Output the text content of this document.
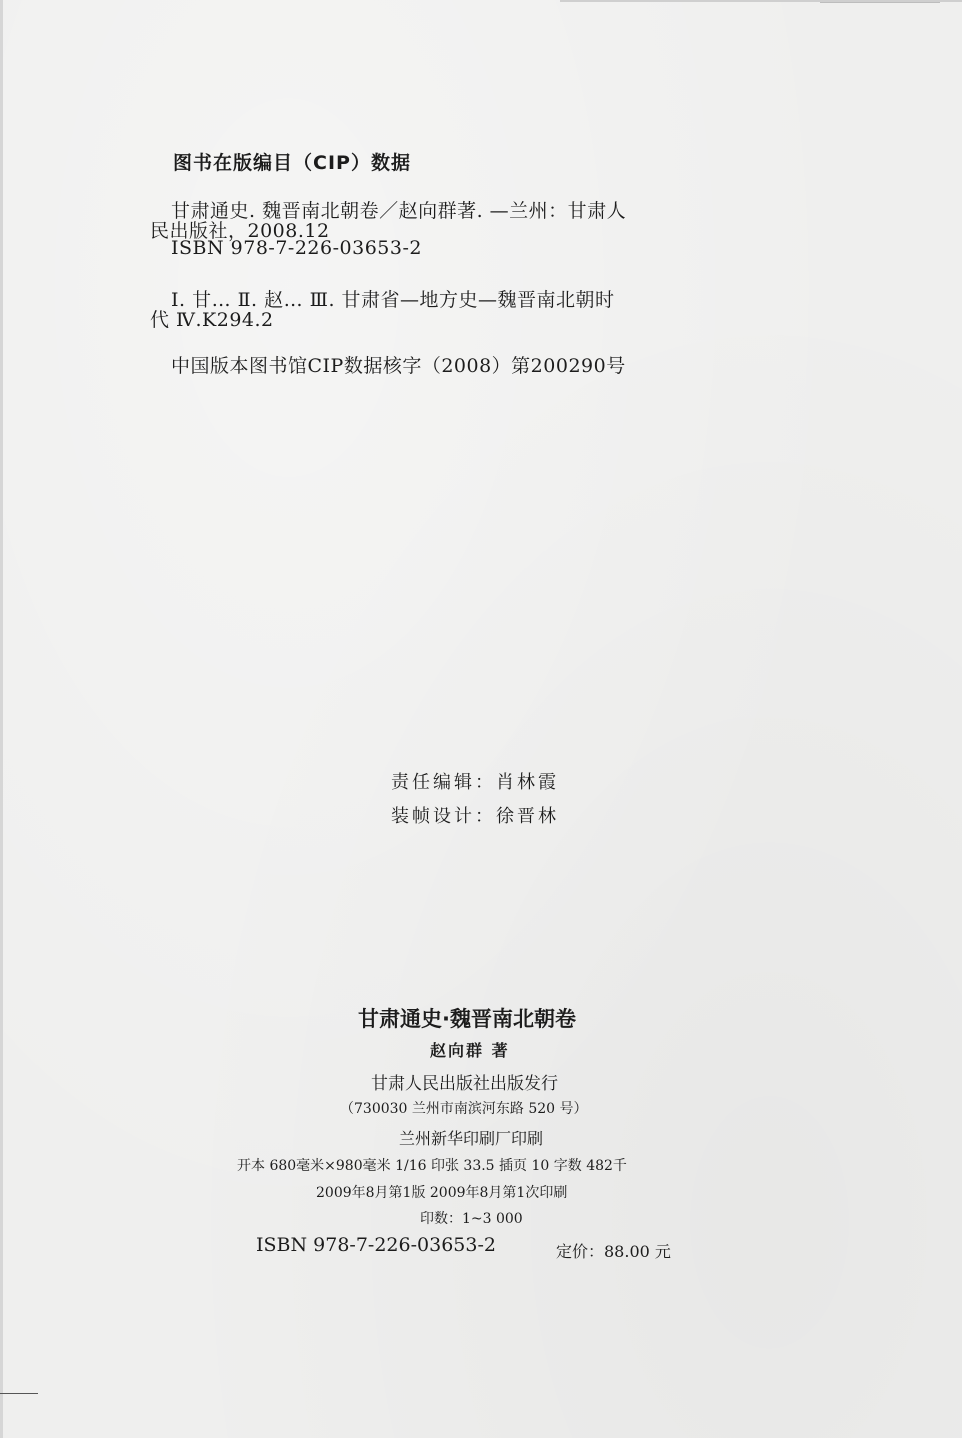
图书在版编目（CIP）数据
甘肃通史. 魏晋南北朝卷／赵向群著. —兰州：甘肃人
民出版社，2008.12
ISBN 978-7-226-03653-2
Ⅰ. 甘… Ⅱ. 赵… Ⅲ. 甘肃省—地方史—魏晋南北朝时
代 Ⅳ.K294.2
中国版本图书馆CIP数据核字（2008）第200290号
责任编辑：肖林霞
装帧设计：徐晋林
甘肃通史·魏晋南北朝卷
赵向群 著
甘肃人民出版社出版发行
（730030 兰州市南滨河东路 520 号）
兰州新华印刷厂印刷
开本 680毫米×980毫米 1/16 印张 33.5 插页 10 字数 482千
2009年8月第1版 2009年8月第1次印刷
印数：1~3 000
ISBN 978-7-226-03653-2	定价：88.00 元
